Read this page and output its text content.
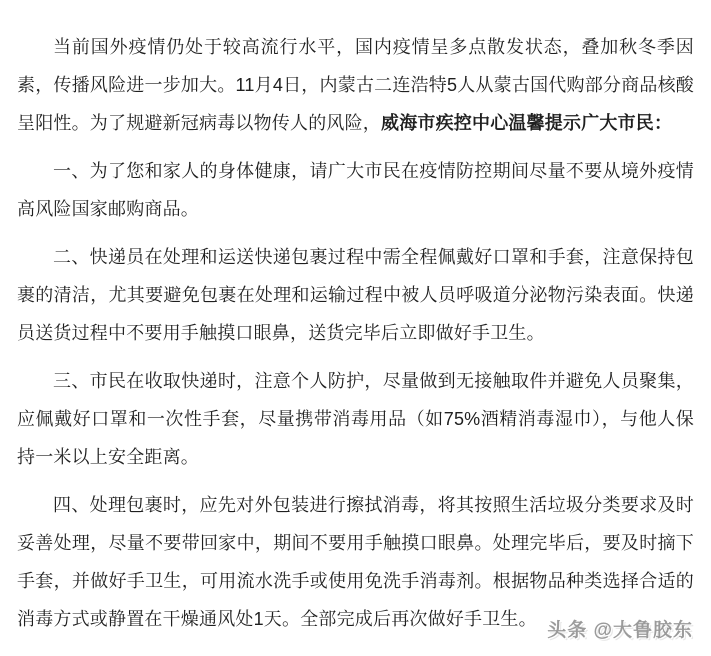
当前国外疫情仍处于较高流行水平，国内疫情呈多点散发状态，叠加秋冬季因素，传播风险进一步加大。11月4日，内蒙古二连浩特5人从蒙古国代购部分商品核酸呈阳性。为了规避新冠病毒以物传人的风险，威海市疾控中心温馨提示广大市民：

一、为了您和家人的身体健康，请广大市民在疫情防控期间尽量不要从境外疫情高风险国家邮购商品。

二、快递员在处理和运送快递包裹过程中需全程佩戴好口罩和手套，注意保持包裹的清洁，尤其要避免包裹在处理和运输过程中被人员呼吸道分泌物污染表面。快递员送货过程中不要用手触摸口眼鼻，送货完毕后立即做好手卫生。

三、市民在收取快递时，注意个人防护，尽量做到无接触取件并避免人员聚集，应佩戴好口罩和一次性手套，尽量携带消毒用品（如75%酒精消毒湿巾），与他人保持一米以上安全距离。

四、处理包裹时，应先对外包装进行擦拭消毒，将其按照生活垃圾分类要求及时妥善处理，尽量不要带回家中，期间不要用手触摸口眼鼻。处理完毕后，要及时摘下手套，并做好手卫生，可用流水洗手或使用免洗手消毒剂。根据物品种类选择合适的消毒方式或静置在干燥通风处1天。全部完成后再次做好手卫生。

头条 @大鲁胶东
